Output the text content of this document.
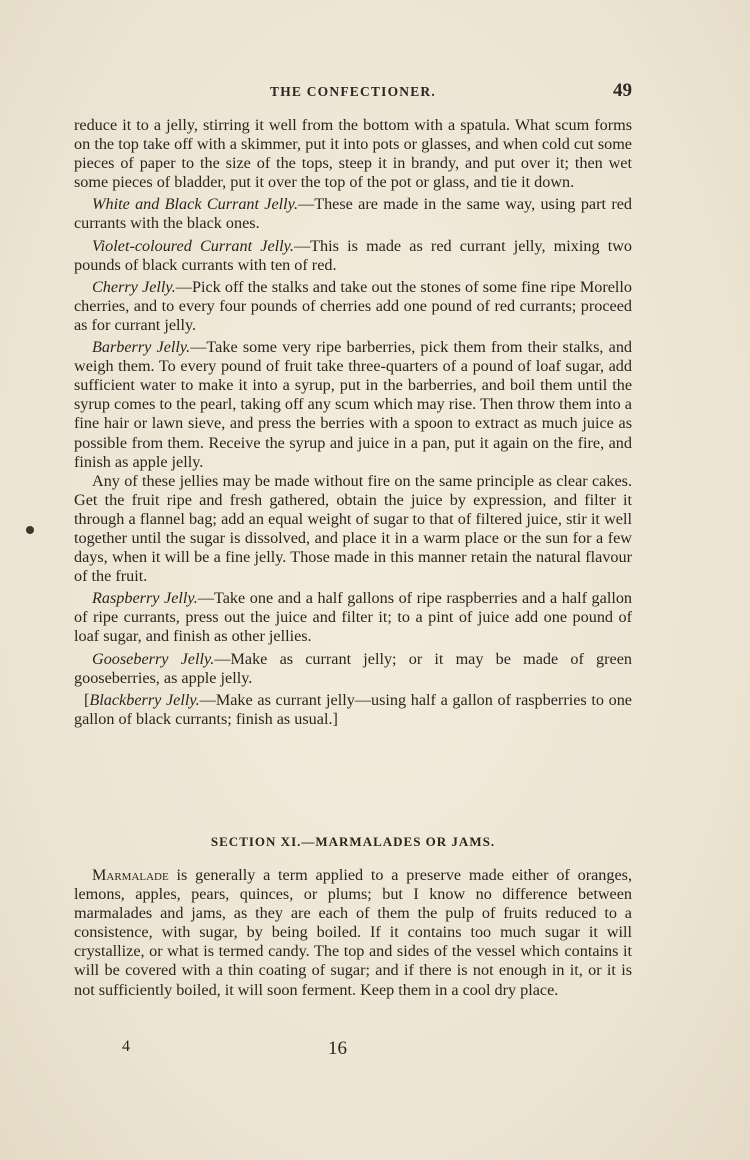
THE CONFECTIONER.	49

reduce it to a jelly, stirring it well from the bottom with a spatula. What scum forms on the top take off with a skimmer, put it into pots or glasses, and when cold cut some pieces of paper to the size of the tops, steep it in brandy, and put over it; then wet some pieces of bladder, put it over the top of the pot or glass, and tie it down.

White and Black Currant Jelly.—These are made in the same way, using part red currants with the black ones.

Violet-coloured Currant Jelly.—This is made as red currant jelly, mixing two pounds of black currants with ten of red.

Cherry Jelly.—Pick off the stalks and take out the stones of some fine ripe Morello cherries, and to every four pounds of cherries add one pound of red currants; proceed as for currant jelly.

Barberry Jelly.—Take some very ripe barberries, pick them from their stalks, and weigh them. To every pound of fruit take three-quarters of a pound of loaf sugar, add sufficient water to make it into a syrup, put in the barberries, and boil them until the syrup comes to the pearl, taking off any scum which may rise. Then throw them into a fine hair or lawn sieve, and press the berries with a spoon to extract as much juice as possible from them. Receive the syrup and juice in a pan, put it again on the fire, and finish as apple jelly.

Any of these jellies may be made without fire on the same principle as clear cakes. Get the fruit ripe and fresh gathered, obtain the juice by expression, and filter it through a flannel bag; add an equal weight of sugar to that of filtered juice, stir it well together until the sugar is dissolved, and place it in a warm place or the sun for a few days, when it will be a fine jelly. Those made in this manner retain the natural flavour of the fruit.

Raspberry Jelly.—Take one and a half gallons of ripe raspberries and a half gallon of ripe currants, press out the juice and filter it; to a pint of juice add one pound of loaf sugar, and finish as other jellies.

Gooseberry Jelly.—Make as currant jelly; or it may be made of green gooseberries, as apple jelly.

[Blackberry Jelly.—Make as currant jelly—using half a gallon of raspberries to one gallon of black currants; finish as usual.]

SECTION XI.—MARMALADES OR JAMS.

Marmalade is generally a term applied to a preserve made either of oranges, lemons, apples, pears, quinces, or plums; but I know no difference between marmalades and jams, as they are each of them the pulp of fruits reduced to a consistence, with sugar, by being boiled. If it contains too much sugar it will crystallize, or what is termed candy. The top and sides of the vessel which contains it will be covered with a thin coating of sugar; and if there is not enough in it, or it is not sufficiently boiled, it will soon ferment. Keep them in a cool dry place.

4	16
